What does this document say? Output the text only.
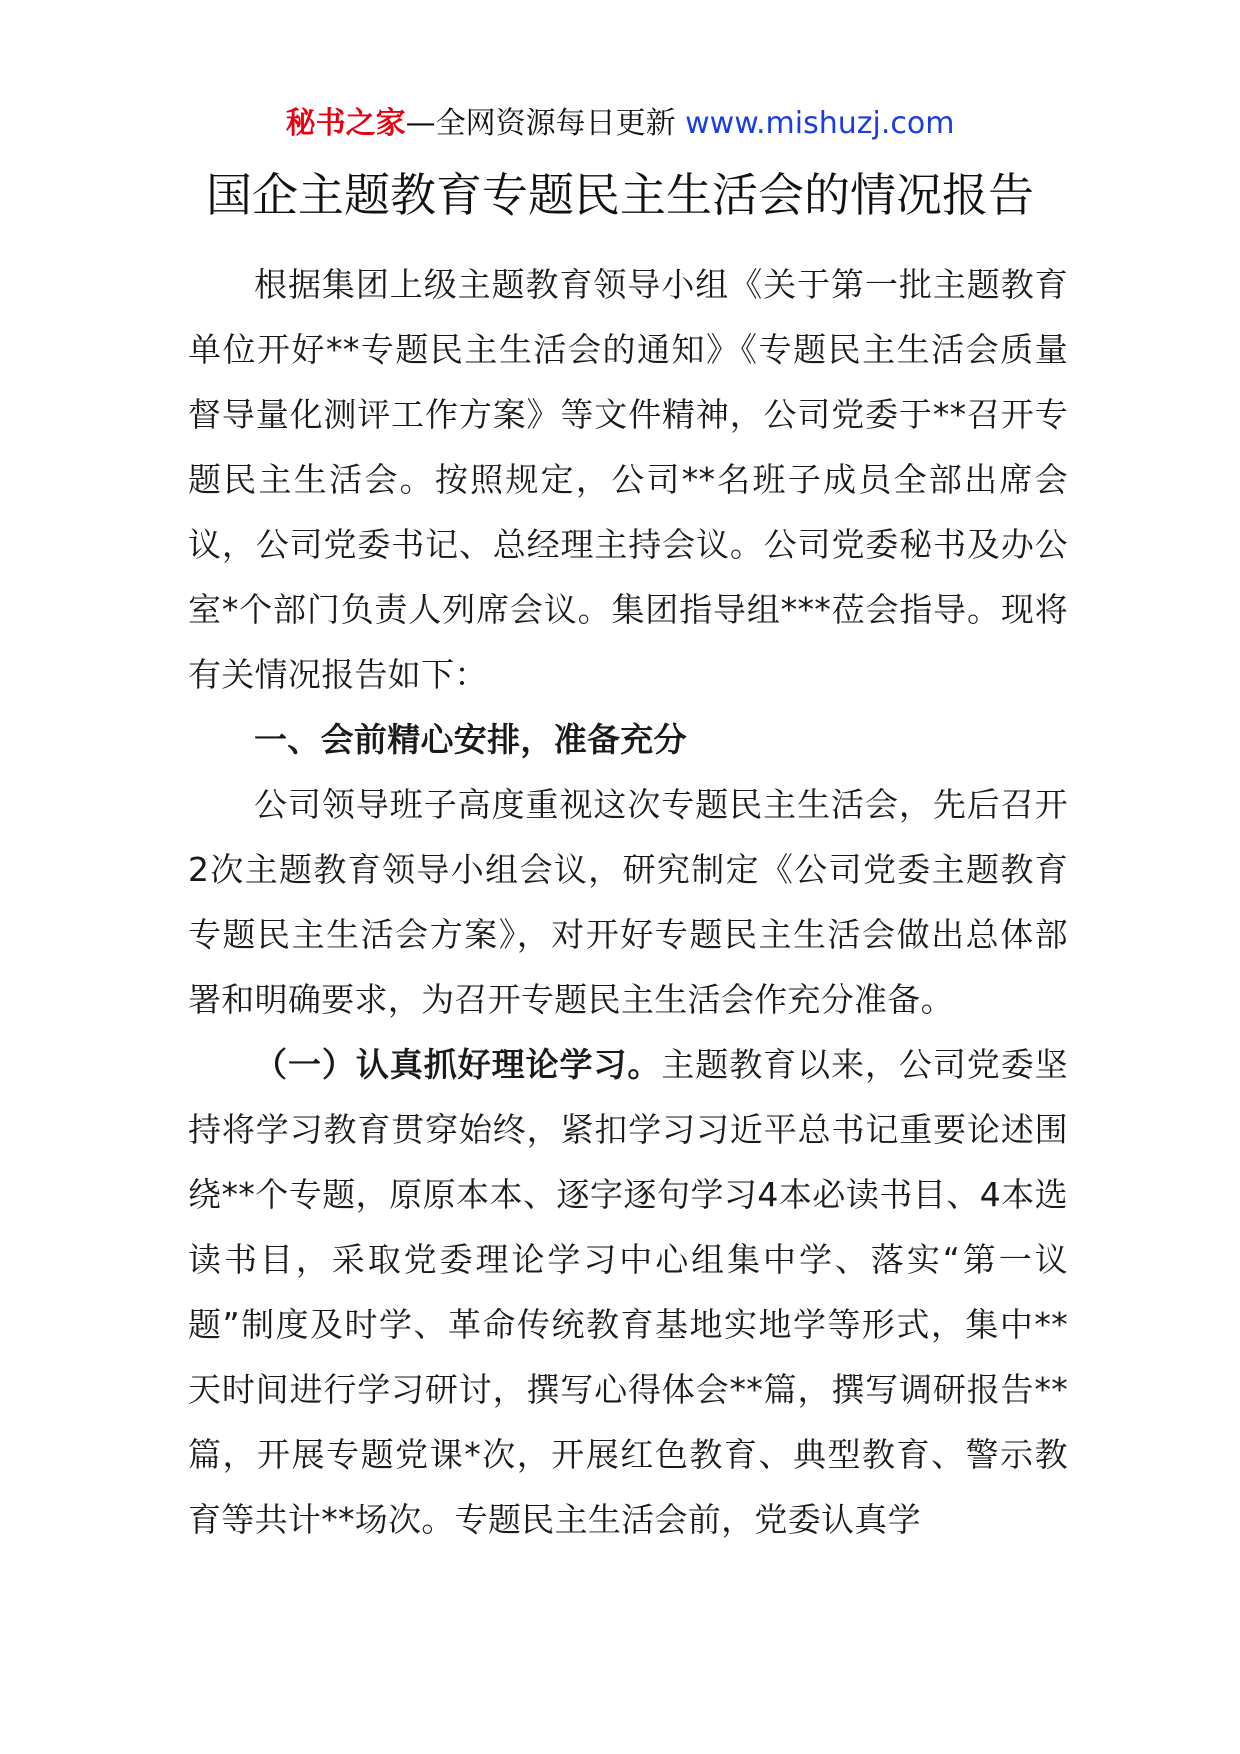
秘书之家—全网资源每日更新 www.mishuzj.com
国企主题教育专题民主生活会的情况报告

根据集团上级主题教育领导小组《关于第一批主题教育单位开好**专题民主生活会的通知》《专题民主生活会质量督导量化测评工作方案》等文件精神，公司党委于**召开专题民主生活会。按照规定，公司**名班子成员全部出席会议，公司党委书记、总经理主持会议。公司党委秘书及办公室*个部门负责人列席会议。集团指导组***莅会指导。现将有关情况报告如下：

一、会前精心安排，准备充分

公司领导班子高度重视这次专题民主生活会，先后召开2次主题教育领导小组会议，研究制定《公司党委主题教育专题民主生活会方案》，对开好专题民主生活会做出总体部署和明确要求，为召开专题民主生活会作充分准备。

（一）认真抓好理论学习。主题教育以来，公司党委坚持将学习教育贯穿始终，紧扣学习习近平总书记重要论述围绕**个专题，原原本本、逐字逐句学习4本必读书目、4本选读书目，采取党委理论学习中心组集中学、落实“第一议题”制度及时学、革命传统教育基地实地学等形式，集中**天时间进行学习研讨，撰写心得体会**篇，撰写调研报告**篇，开展专题党课*次，开展红色教育、典型教育、警示教育等共计**场次。专题民主生活会前，党委认真学
